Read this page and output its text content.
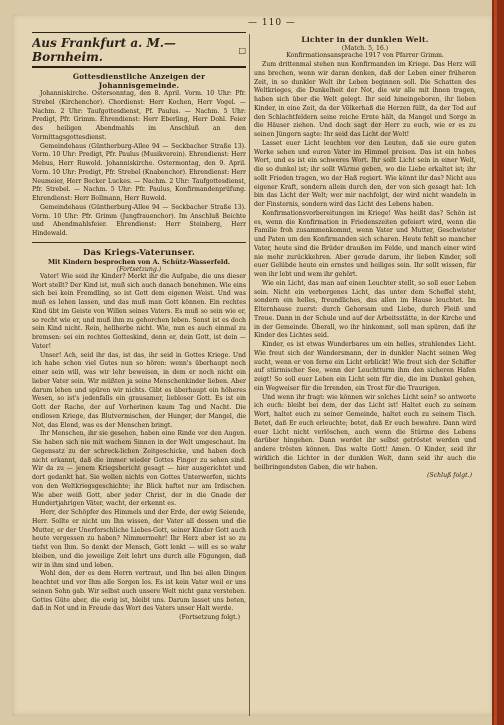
— 110 —
Aus Frankfurt a. M.—Bornheim.	□
Gottesdienstliche Anzeigen der Johannisgemeinde.

Johanniskirche. Ostersonntag, den 8. April. Vorm. 10 Uhr: Pfr. Strebel (Kirchenchor). Chordienst: Herr Kochen, Herr Vogel. — Nachm. 2 Uhr: Taufgottesdienst, Pf. Paulus. — Nachm. 5 Uhr: Predigt, Pfr. Grimm. Ehrendienst: Herr Eberling, Herr Dohl. Feier des heiligen Abendmahls im Anschluß an den Vormittagsgottesdienst.

Gemeindehaus (Güntherburg-Allee 94 — Seckbacher Straße 13). Vorm. 10 Uhr: Predigt, Pfr. Paulus (Musikverein). Ehrendienst: Herr Mebus, Herr Ruwold. Johanniskirche. Ostermontag, den 9. April. Vorm. 10 Uhr: Predigt, Pfr. Strebel (Knabenchor). Ehrendienst: Herr Neumeier, Herr Becker Luckes. — Nachm. 2 Uhr: Taufgottesdienst, Pfr. Strebel. — Nachm. 5 Uhr: Pfr. Paulus, Konfirmandenprüfung. Ehrendienst: Herr Bollmann, Herr Ruwold.

Gemeindehaus (Güntherburg-Allee 94 — Seckbacher Straße 13). Vorm. 10 Uhr: Pfr. Grimm (Jungfrauenchor). Im Anschluß Beichte und Abendmahlsfeier. Ehrendienst: Herr Steinberg, Herr Hindewald.

Das Kriegs-Vaterunser.
Mit Kindern besprochen von A. Schütz-Wasserfeld.
(Fortsetzung.)

Vater! Wie seid ihr Kinder? Merkt ihr die Aufgabe, die uns dieser Wort stellt? Der Kind ist, muß sich auch danach benehmen. Wie eins sich bei kein Fremdling, so ist Gott dem eigenen Weist. Und was muß es lehen lassen, und das muß man Gott können. Ein rechtes Kind übt im Geiste von Willen seines Vaters. Es muß so sein wie er, so recht wie er, und muß ihm zu gehorchen leben. Sonst ist es doch sein Kind nicht. Rein, hellherbe nicht. Wie, nun es auch einmal zu bremsen: sei ein rechtes Gotteskind, denn er, dein Gott, ist dein — Vater!

Unser! Ach, seid ihr das, ist das, ihr seid in Gottes Kriege. Und ich habe schon viel Gutes nun so hören: wenn's überhaupt noch einer sein will, was wir lehr beweisen, in dem er noch nicht ein lieber Vater sein. Wir müßten ja seine Menschenkinder lieben. Aber darum lehen und spüren wir nichts. Gibt es überhaupt ein höheres Wesen, so ist's jedenfalls ein grausamer, liebloser Gott. Es ist ein Gott der Rache, der auf Vorherinen kaum Tag und Nacht. Die endlosen Kriege, das Blutvermischen, der Hunger, der Mangel, die Not, das Elend, was es der Menschen bringt.

Ihr Menschen, ihr sie gesehen, haben eine Rinde vor den Augen. Sie haben sich nie mit wachem Sinnen in der Welt umgeschaut. Im Gegensatz zu der schreck-lichen Zeitgeschicke, und haben doch nicht erkannt, daß die immer wieder Gottes Finger zu sehen sind. Wir da zu — jenem Kriegsbericht gesagt — hier ausgerichtet und dort gedankt hat. Sie wollen nichts von Gottes Unterwerfen, nichts von den Weltkriegsgeschichte; ihr Blick haftet nur am Irdischen. Wie aber weiß Gott, aber jeder Christ, der in die Gnade der Hundertjahrigen Väter, wacht, der erkennt es.

Herr, der Schöpfer des Himmels und der Erde, der ewig Seiende, Herr. Sollte er nicht um Ihn wissen, der Vater all dessen und die Mutter, er der Unerforschliche Liebes-Gott, seiner Kinder Gott auch heute vergessen zu haben? Nimmermehr! Ihr Herz aber ist so zu tiefst von Ihm. So denkt der Mensch, Gott lenkt — will es so wahr bleiben, und die jeweilige Zeit lehrt uns durch alle Fügungen, daß wir in ihm sind und leben.

Wohl den, der es dem Herrn vertraut, und Ihn bei allen Dingen beachtet und vor Ihm alle Sorgen los. Es ist kein Vater weil er uns seinen Sohn gab. Wir selbst auch unsere Welt nicht ganz verstehen. Gottes Güte aber, die ewig ist, bleibt uns. Darum lasset uns beten, daß in Not und in Freude das Wort des Vaters unser Halt werde.

(Fortsetzung folgt.)
Lichter in der dunklen Welt.
(Match. 5, 16.)
Konfirmationsansprache 1917 von Pfarrer Grimm.

Zum drittenmal stehen nun Konfirmanden im Kriege. Das Herz will uns brechen, wenn wir daran denken, daß der Leben einer früheren Zeit, in so dunkler Welt ihr Leben beginnen soll. Die Schatten des Weltkrieges, die Dunkelheit der Not, die wir alle mit ihnen tragen, haben sich über die Welt gelegt. Ihr seid hineingeboren, ihr lieben Kinder, in eine Zeit, da der Völkerhaß die Herzen füllt, da der Tod auf den Schlachtfeldern seine reiche Ernte hält, da Mangel und Sorge in die Häuser ziehen. Und doch sagt der Herr zu euch, wie er es zu seinen Jüngern sagte: Ihr seid das Licht der Welt!

Lasset euer Licht leuchten vor den Leuten, daß sie eure guten Werke sehen und euren Vater im Himmel preisen. Das ist ein hohes Wort, und es ist ein schweres Wort. Ihr sollt Licht sein in einer Welt, die so dunkel ist; ihr sollt Wärme geben, wo die Liebe erkaltet ist; ihr sollt Frieden tragen, wo der Haß regiert. Wie könnt ihr das? Nicht aus eigener Kraft, sondern allein durch den, der von sich gesagt hat: Ich bin das Licht der Welt; wer mir nachfolgt, der wird nicht wandeln in der Finsternis, sondern wird das Licht des Lebens haben.

Konfirmationsvorbereitungen im Kriege! Was heißt das? Schön ist es, wenn die Konfirmation in Friedenszeiten gefeiert wird, wenn die Familie froh zusammenkommt, wenn Vater und Mutter, Geschwister und Paten um den Konfirmanden sich scharen. Heute fehlt so mancher Vater, heute sind die Brüder draußen im Felde, und manch einer wird nie mehr zurückkehren. Aber gerade darum, ihr lieben Kinder, soll euer Gelübde heute ein ernstes und heiliges sein. Ihr sollt wissen, für wen ihr lebt und wem ihr gehört.

Wie ein Licht, das man auf einen Leuchter stellt, so soll euer Leben sein. Nicht ein verborgenes Licht, das unter dem Scheffel steht, sondern ein helles, freundliches, das allen im Hause leuchtet. Im Elternhause zuerst: durch Gehorsam und Liebe, durch Fleiß und Treue. Dann in der Schule und auf der Arbeitsstätte, in der Kirche und in der Gemeinde. Überall, wo ihr hinkommt, soll man spüren, daß ihr Kinder des Lichtes seid.

Kinder, es ist etwas Wunderbares um ein helles, strahlendes Licht. Wie freut sich der Wandersmann, der in dunkler Nacht seinen Weg sucht, wenn er von ferne ein Licht erblickt! Wie freut sich der Schiffer auf stürmischer See, wenn der Leuchtturm ihm den sicheren Hafen zeigt! So soll euer Leben ein Licht sein für die, die im Dunkel gehen, ein Wegweiser für die Irrenden, ein Trost für die Traurigen.

Und wenn ihr fragt: wie können wir solches Licht sein? so antworte ich euch: bleibt bei dem, der das Licht ist! Haltet euch zu seinem Wort, haltet euch zu seiner Gemeinde, haltet euch zu seinem Tisch. Betet, daß Er euch erleuchte; betet, daß Er euch bewahre. Dann wird euer Licht nicht verlöschen, auch wenn die Stürme des Lebens darüber hingehen. Dann werdet ihr selbst getröstet werden und andere trösten können. Das walte Gott! Amen. O Kinder, seid ihr wirklich die Lichter in der dunklen Welt, dann seid ihr auch die heilbringendsten Gaben, die wir haben.

(Schluß folgt.)
